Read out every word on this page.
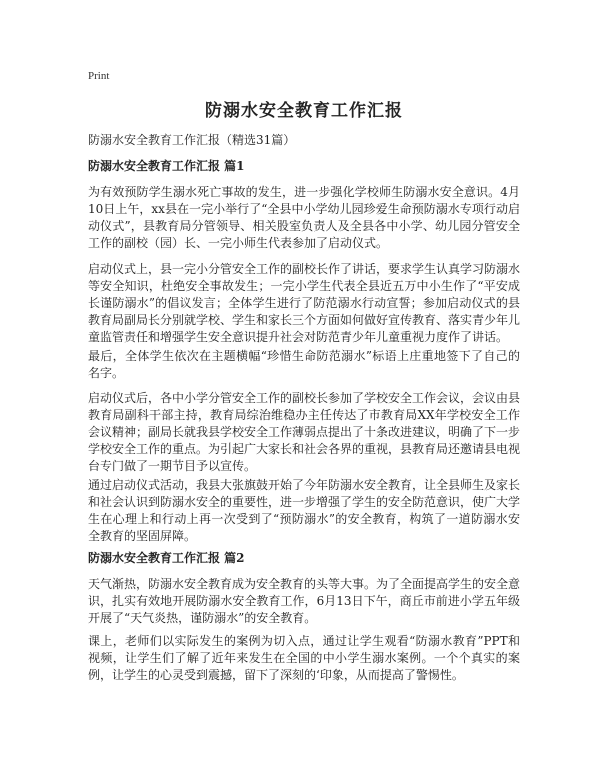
Print
防溺水安全教育工作汇报
防溺水安全教育工作汇报（精选31篇）
防溺水安全教育工作汇报 篇1

为有效预防学生溺水死亡事故的发生，进一步强化学校师生防溺水安全意识。4月10日上午，xx县在一完小举行了“全县中小学幼儿园珍爱生命预防溺水专项行动启动仪式”，县教育局分管领导、相关股室负责人及全县各中小学、幼儿园分管安全工作的副校（园）长、一完小师生代表参加了启动仪式。

启动仪式上，县一完小分管安全工作的副校长作了讲话，要求学生认真学习防溺水等安全知识，杜绝安全事故发生；一完小学生代表全县近五万中小生作了“平安成长谨防溺水”的倡议发言；全体学生进行了防范溺水行动宣誓；参加启动仪式的县教育局副局长分别就学校、学生和家长三个方面如何做好宣传教育、落实青少年儿童监管责任和增强学生安全意识提升社会对防范青少年儿童重视力度作了讲话。

最后，全体学生依次在主题横幅“珍惜生命防范溺水”标语上庄重地签下了自己的名字。

启动仪式后，各中小学分管安全工作的副校长参加了学校安全工作会议，会议由县教育局副科干部主持，教育局综治维稳办主任传达了市教育局XX年学校安全工作会议精神；副局长就我县学校安全工作薄弱点提出了十条改进建议，明确了下一步学校安全工作的重点。为引起广大家长和社会各界的重视，县教育局还邀请县电视台专门做了一期节目予以宣传。

通过启动仪式活动，我县大张旗鼓开始了今年防溺水安全教育，让全县师生及家长和社会认识到防溺水安全的重要性，进一步增强了学生的安全防范意识，使广大学生在心理上和行动上再一次受到了“预防溺水”的安全教育，构筑了一道防溺水安全教育的坚固屏障。

防溺水安全教育工作汇报 篇2

天气渐热，防溺水安全教育成为安全教育的头等大事。为了全面提高学生的安全意识，扎实有效地开展防溺水安全教育工作，6月13日下午，商丘市前进小学五年级开展了“天气炎热，谨防溺水”的安全教育。

课上，老师们以实际发生的案例为切入点，通过让学生观看“防溺水教育”PPT和视频，让学生们了解了近年来发生在全国的中小学生溺水案例。一个个真实的案例，让学生的心灵受到震撼，留下了深刻的‘印象，从而提高了警惕性。
